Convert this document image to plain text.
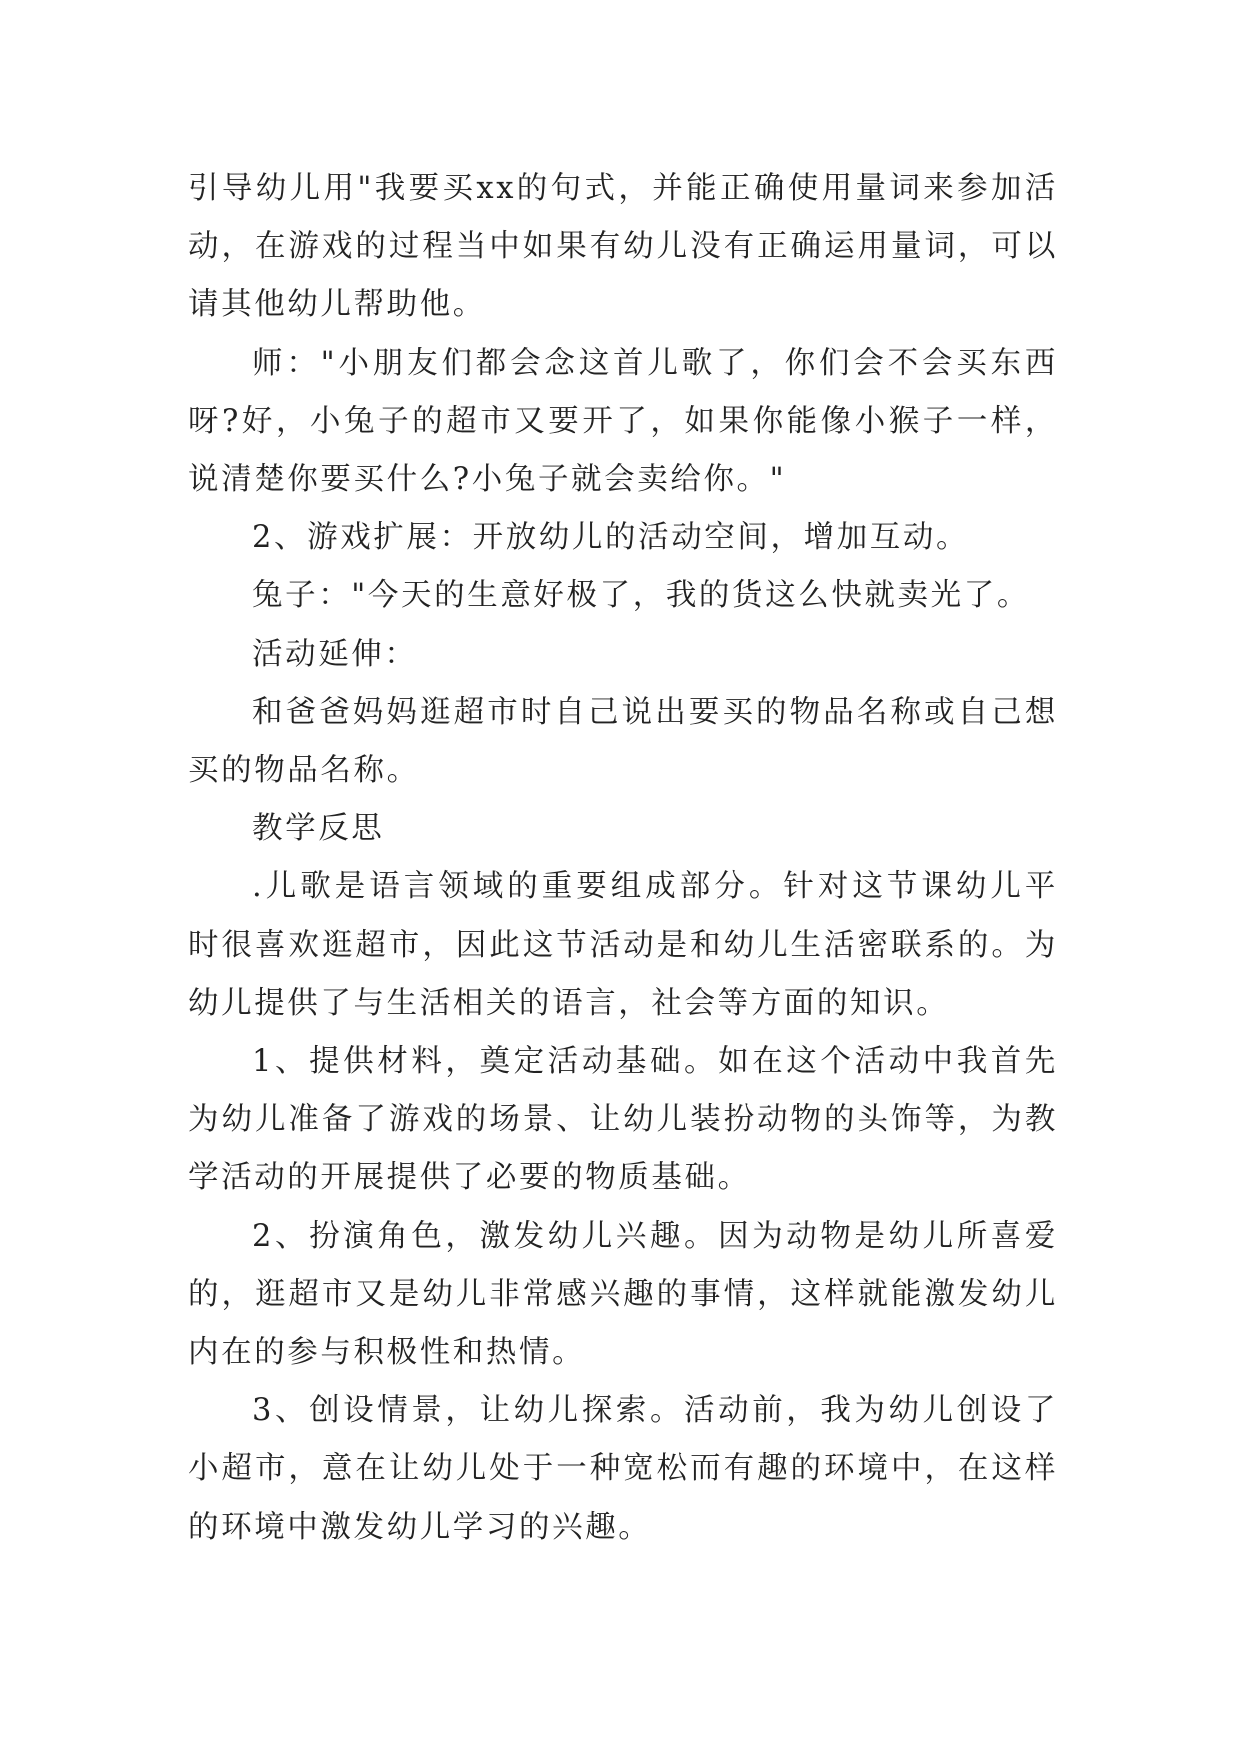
引导幼儿用"我要买xx的句式，并能正确使用量词来参加活动，在游戏的过程当中如果有幼儿没有正确运用量词，可以请其他幼儿帮助他。

师："小朋友们都会念这首儿歌了，你们会不会买东西呀?好，小兔子的超市又要开了，如果你能像小猴子一样，说清楚你要买什么?小兔子就会卖给你。"

2、游戏扩展：开放幼儿的活动空间，增加互动。

兔子："今天的生意好极了，我的货这么快就卖光了。

活动延伸：

和爸爸妈妈逛超市时自己说出要买的物品名称或自己想买的物品名称。

教学反思

.儿歌是语言领域的重要组成部分。针对这节课幼儿平时很喜欢逛超市，因此这节活动是和幼儿生活密联系的。为幼儿提供了与生活相关的语言，社会等方面的知识。

1、提供材料，奠定活动基础。如在这个活动中我首先为幼儿准备了游戏的场景、让幼儿装扮动物的头饰等，为教学活动的开展提供了必要的物质基础。

2、扮演角色，激发幼儿兴趣。因为动物是幼儿所喜爱的，逛超市又是幼儿非常感兴趣的事情，这样就能激发幼儿内在的参与积极性和热情。

3、创设情景，让幼儿探索。活动前，我为幼儿创设了小超市，意在让幼儿处于一种宽松而有趣的环境中，在这样的环境中激发幼儿学习的兴趣。
